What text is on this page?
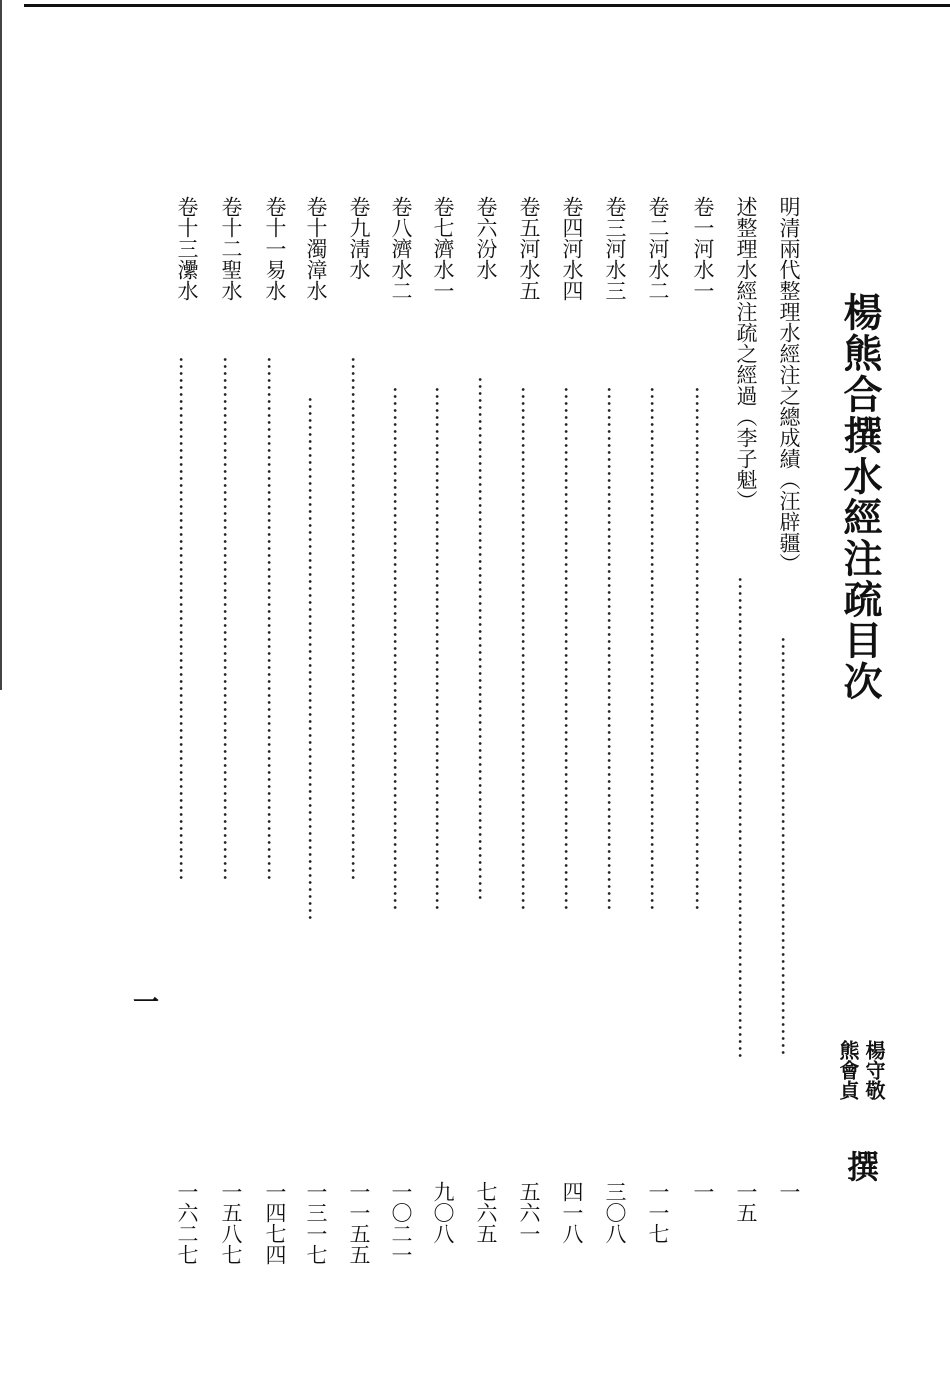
楊熊合撰水經注疏目次
楊守敬
熊會貞
撰
一
明清兩代整理水經注之總成績（汪辟疆）
……………………………………………………
一
述整理水經注疏之經過（李子魁）
……………………………………………………………
一五
卷一河水一
…………………………………………………………………
一
卷二河水二
…………………………………………………………………
一一七
卷三河水三
…………………………………………………………………
三〇八
卷四河水四
…………………………………………………………………
四一八
卷五河水五
…………………………………………………………………
五六一
卷六汾水
…………………………………………………………………
七六五
卷七濟水一
…………………………………………………………………
九〇八
卷八濟水二
…………………………………………………………………
一〇二一
卷九淸水
…………………………………………………………………
一一五五
卷十濁漳水
…………………………………………………………………
一三一七
卷十一易水
…………………………………………………………………
一四七四
卷十二聖水
…………………………………………………………………
一五八七
卷十三㶟水
…………………………………………………………………
一六二七
